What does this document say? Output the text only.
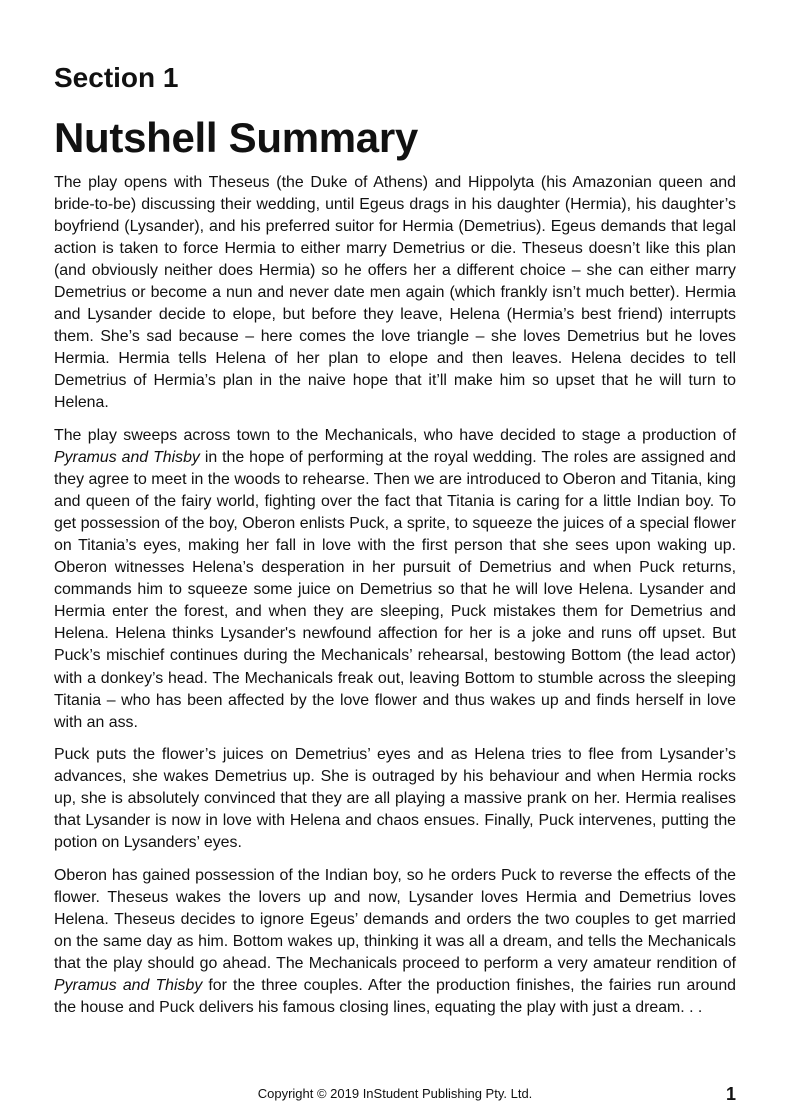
Section 1
Nutshell Summary

The play opens with Theseus (the Duke of Athens) and Hippolyta (his Amazonian queen and bride-to-be) discussing their wedding, until Egeus drags in his daughter (Hermia), his daughter’s boyfriend (Lysander), and his preferred suitor for Hermia (Demetrius). Egeus demands that legal action is taken to force Hermia to either marry Demetrius or die. Theseus doesn’t like this plan (and obviously neither does Hermia) so he offers her a different choice – she can either marry Demetrius or become a nun and never date men again (which frankly isn’t much better). Hermia and Lysander decide to elope, but before they leave, Helena (Hermia’s best friend) interrupts them. She’s sad because – here comes the love triangle – she loves Demetrius but he loves Hermia. Hermia tells Helena of her plan to elope and then leaves. Helena decides to tell Demetrius of Hermia’s plan in the naive hope that it’ll make him so upset that he will turn to Helena.

The play sweeps across town to the Mechanicals, who have decided to stage a production of Pyramus and Thisby in the hope of performing at the royal wedding. The roles are assigned and they agree to meet in the woods to rehearse. Then we are introduced to Oberon and Titania, king and queen of the fairy world, fighting over the fact that Titania is caring for a little Indian boy. To get possession of the boy, Oberon enlists Puck, a sprite, to squeeze the juices of a special flower on Titania’s eyes, making her fall in love with the first person that she sees upon waking up. Oberon witnesses Helena’s desperation in her pursuit of Demetrius and when Puck returns, commands him to squeeze some juice on Demetrius so that he will love Helena. Lysander and Hermia enter the forest, and when they are sleeping, Puck mistakes them for Demetrius and Helena. Helena thinks Lysander's newfound affection for her is a joke and runs off upset. But Puck’s mischief continues during the Mechanicals’ rehearsal, bestowing Bottom (the lead actor) with a donkey’s head. The Mechanicals freak out, leaving Bottom to stumble across the sleeping Titania – who has been affected by the love flower and thus wakes up and finds herself in love with an ass.

Puck puts the flower’s juices on Demetrius’ eyes and as Helena tries to flee from Lysander’s advances, she wakes Demetrius up. She is outraged by his behaviour and when Hermia rocks up, she is absolutely convinced that they are all playing a massive prank on her. Hermia realises that Lysander is now in love with Helena and chaos ensues. Finally, Puck intervenes, putting the potion on Lysanders’ eyes.

Oberon has gained possession of the Indian boy, so he orders Puck to reverse the effects of the flower. Theseus wakes the lovers up and now, Lysander loves Hermia and Demetrius loves Helena. Theseus decides to ignore Egeus’ demands and orders the two couples to get married on the same day as him. Bottom wakes up, thinking it was all a dream, and tells the Mechanicals that the play should go ahead. The Mechanicals proceed to perform a very amateur rendition of Pyramus and Thisby for the three couples. After the production finishes, the fairies run around the house and Puck delivers his famous closing lines, equating the play with just a dream. . .

Copyright © 2019 InStudent Publishing Pty. Ltd.	1
